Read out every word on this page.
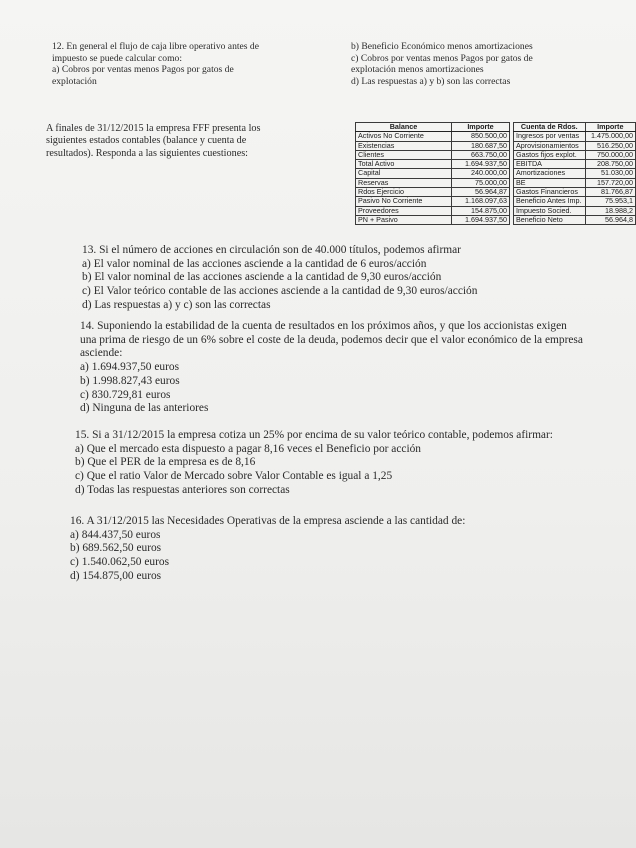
12. En general el flujo de caja libre operativo antes de
impuesto se puede calcular como:
a) Cobros por ventas menos Pagos por gatos de
explotación
b) Beneficio Económico menos amortizaciones
c) Cobros por ventas menos Pagos por gatos de
explotación menos amortizaciones
d) Las respuestas a) y b) son las correctas
A finales de 31/12/2015 la empresa FFF presenta los
siguientes estados contables (balance y cuenta de
resultados). Responda a las siguientes cuestiones:
Balance	Importe
Activos No Corriente	850.500,00
Existencias	180.687,50
Clientes	663.750,00
Total Activo	1.694.937,50
Capital	240.000,00
Reservas	75.000,00
Rdos Ejercicio	56.964,87
Pasivo No Corriente	1.168.097,63
Proveedores	154.875,00
PN + Pasivo	1.694.937,50
Cuenta de Rdos.	Importe
Ingresos por ventas	1.475.000,00
Aprovisionamientos	516.250,00
Gastos fijos explot.	750.000,00
EBITDA	208.750,00
Amortizaciones	51.030,00
BE	157.720,00
Gastos Financieros	81.766,87
Beneficio Antes Imp.	75.953,1
Impuesto Socied.	18.988,2
Beneficio Neto	56.964,8
13. Si el número de acciones en circulación son de 40.000 títulos, podemos afirmar
a) El valor nominal de las acciones asciende a la cantidad de 6 euros/acción
b) El valor nominal de las acciones asciende a la cantidad de 9,30 euros/acción
c) El Valor teórico contable de las acciones asciende a la cantidad de 9,30 euros/acción
d) Las respuestas a) y c) son las correctas
14. Suponiendo la estabilidad de la cuenta de resultados en los próximos años, y que los accionistas exigen
una prima de riesgo de un 6% sobre el coste de la deuda, podemos decir que el valor económico de la empresa
asciende:
a) 1.694.937,50 euros
b) 1.998.827,43 euros
c) 830.729,81 euros
d) Ninguna de las anteriores
15. Si a 31/12/2015 la empresa cotiza un 25% por encima de su valor teórico contable, podemos afirmar:
a) Que el mercado esta dispuesto a pagar 8,16 veces el Beneficio por acción
b) Que el PER de la empresa es de 8,16
c) Que el ratio Valor de Mercado sobre Valor Contable es igual a 1,25
d) Todas las respuestas anteriores son correctas
16. A 31/12/2015 las Necesidades Operativas de la empresa asciende a las cantidad de:
a) 844.437,50 euros
b) 689.562,50 euros
c) 1.540.062,50 euros
d) 154.875,00 euros
